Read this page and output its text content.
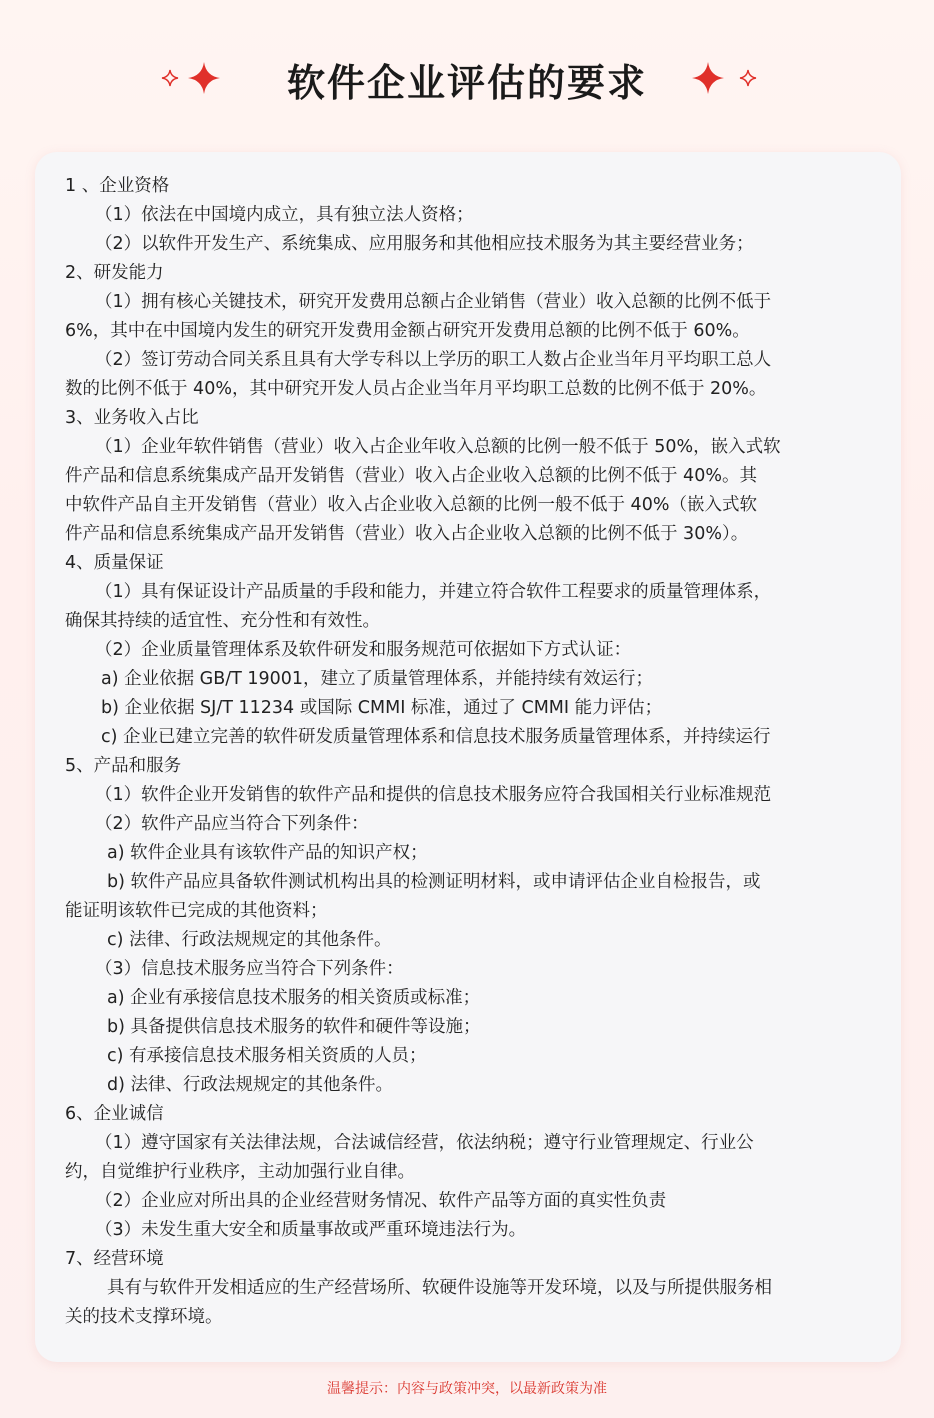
软件企业评估的要求
1 、企业资格
（1）依法在中国境内成立，具有独立法人资格；
（2）以软件开发生产、系统集成、应用服务和其他相应技术服务为其主要经营业务；
2、研发能力
（1）拥有核心关键技术，研究开发费用总额占企业销售（营业）收入总额的比例不低于
6%，其中在中国境内发生的研究开发费用金额占研究开发费用总额的比例不低于 60%。
（2）签订劳动合同关系且具有大学专科以上学历的职工人数占企业当年月平均职工总人
数的比例不低于 40%，其中研究开发人员占企业当年月平均职工总数的比例不低于 20%。
3、业务收入占比
（1）企业年软件销售（营业）收入占企业年收入总额的比例一般不低于 50%，嵌入式软
件产品和信息系统集成产品开发销售（营业）收入占企业收入总额的比例不低于 40%。其
中软件产品自主开发销售（营业）收入占企业收入总额的比例一般不低于 40%（嵌入式软
件产品和信息系统集成产品开发销售（营业）收入占企业收入总额的比例不低于 30%）。
4、质量保证
（1）具有保证设计产品质量的手段和能力，并建立符合软件工程要求的质量管理体系，
确保其持续的适宜性、充分性和有效性。
（2）企业质量管理体系及软件研发和服务规范可依据如下方式认证：
a) 企业依据 GB/T 19001，建立了质量管理体系，并能持续有效运行；
b) 企业依据 SJ/T 11234 或国际 CMMI 标准，通过了 CMMI 能力评估；
c) 企业已建立完善的软件研发质量管理体系和信息技术服务质量管理体系，并持续运行
5、产品和服务
（1）软件企业开发销售的软件产品和提供的信息技术服务应符合我国相关行业标准规范
（2）软件产品应当符合下列条件：
a) 软件企业具有该软件产品的知识产权；
b) 软件产品应具备软件测试机构出具的检测证明材料，或申请评估企业自检报告，或
能证明该软件已完成的其他资料；
c) 法律、行政法规规定的其他条件。
（3）信息技术服务应当符合下列条件：
a) 企业有承接信息技术服务的相关资质或标准；
b) 具备提供信息技术服务的软件和硬件等设施；
c) 有承接信息技术服务相关资质的人员；
d) 法律、行政法规规定的其他条件。
6、企业诚信
（1）遵守国家有关法律法规，合法诚信经营，依法纳税；遵守行业管理规定、行业公
约，自觉维护行业秩序，主动加强行业自律。
（2）企业应对所出具的企业经营财务情况、软件产品等方面的真实性负责
（3）未发生重大安全和质量事故或严重环境违法行为。
7、经营环境
具有与软件开发相适应的生产经营场所、软硬件设施等开发环境，以及与所提供服务相
关的技术支撑环境。
温馨提示：内容与政策冲突，以最新政策为准
